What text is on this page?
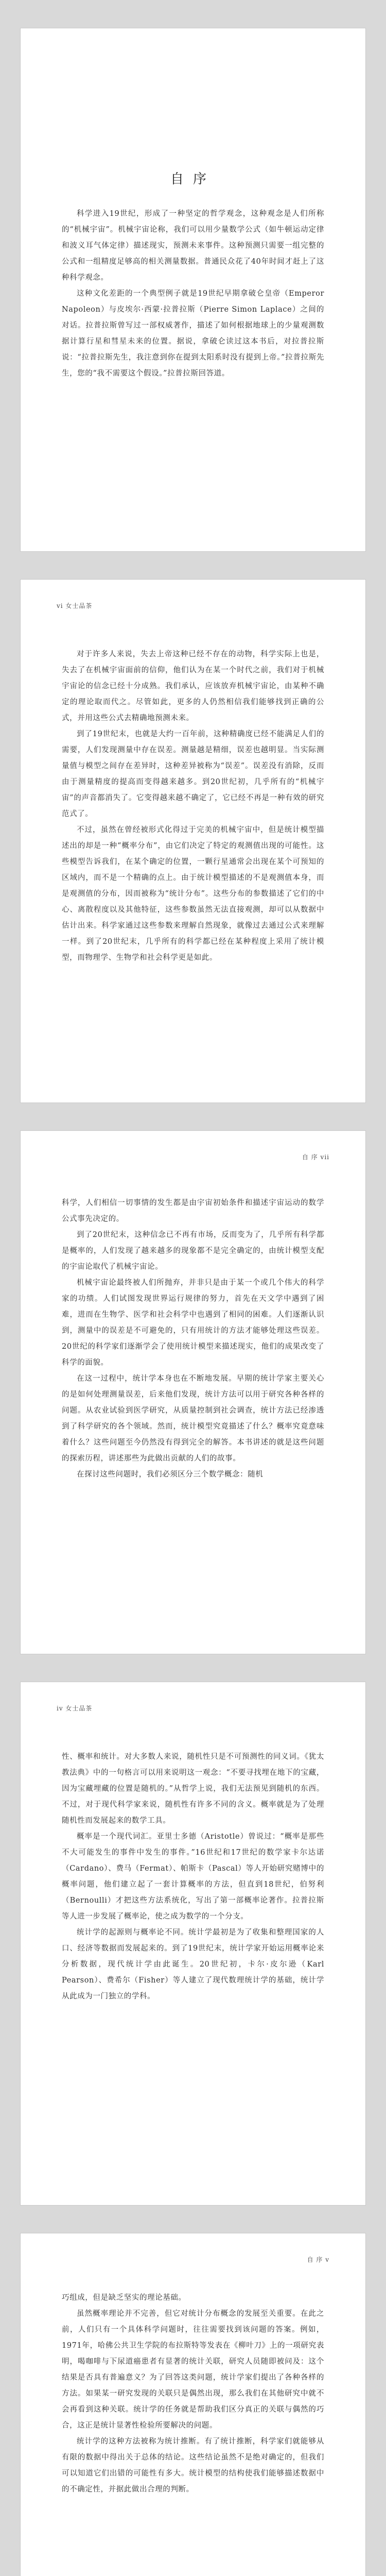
自序

科学进入19世纪，形成了一种坚定的哲学观念，这种观念是人们所称的“机械宇宙”。机械宇宙论称，我们可以用少量数学公式（如牛顿运动定律和波义耳气体定律）描述现实，预测未来事件。这种预测只需要一组完整的公式和一组精度足够高的相关测量数据。普通民众花了40年时间才赶上了这种科学观念。

这种文化差距的一个典型例子就是19世纪早期拿破仑皇帝（Emperor Napoleon）与皮埃尔·西蒙·拉普拉斯（Pierre Simon Laplace）之间的对话。拉普拉斯曾写过一部权威著作，描述了如何根据地球上的少量观测数据计算行星和彗星未来的位置。据说，拿破仑读过这本书后，对拉普拉斯说：“拉普拉斯先生，我注意到你在提到太阳系时没有提到上帝。”拉普拉斯先生，您的“我不需要这个假设。”拉普拉斯回答道。

vi 女士品茶

对于许多人来说，失去上帝这种已经不存在的动物，科学实际上也是，失去了在机械宇宙面前的信仰，他们认为在某一个时代之前，我们对于机械宇宙论的信念已经十分成熟。我们承认，应该放弃机械宇宙论，由某种不确定的理论取而代之。尽管如此，更多的人仍然相信我们能够找到正确的公式，并用这些公式去精确地预测未来。

到了19世纪末，也就是大约一百年前，这种精确度已经不能满足人们的需要，人们发现测量中存在误差。测量越是精细，误差也越明显。当实际测量值与模型之间存在差异时，这种差异被称为“误差”。误差没有消除，反而由于测量精度的提高而变得越来越多。到20世纪初，几乎所有的“机械宇宙”的声音都消失了。它变得越来越不确定了，它已经不再是一种有效的研究范式了。

不过，虽然在曾经被形式化得过于完美的机械宇宙中，但是统计模型描述出的却是一种“概率分布”，由它们决定了特定的观测值出现的可能性。这些模型告诉我们，在某个确定的位置，一颗行星通常会出现在某个可预知的区域内，而不是一个精确的点上。由于统计模型描述的不是观测值本身，而是观测值的分布，因而被称为“统计分布”。这些分布的参数描述了它们的中心、离散程度以及其他特征，这些参数虽然无法直接观测，却可以从数据中估计出来。科学家通过这些参数来理解自然现象，就像过去通过公式来理解一样。到了20世纪末，几乎所有的科学都已经在某种程度上采用了统计模型，而物理学、生物学和社会科学更是如此。

自 序 vii

科学，人们相信一切事情的发生都是由宇宙初始条件和描述宇宙运动的数学公式事先决定的。

到了20世纪末，这种信念已不再有市场，反而变为了，几乎所有科学都是概率的，人们发现了越来越多的现象都不是完全确定的，由统计模型支配的宇宙论取代了机械宇宙论。

机械宇宙论最终被人们所抛弃，并非只是由于某一个或几个伟大的科学家的功绩。人们试图发现世界运行规律的努力，首先在天文学中遇到了困难，进而在生物学、医学和社会科学中也遇到了相同的困难。人们逐渐认识到，测量中的误差是不可避免的，只有用统计的方法才能够处理这些误差。20世纪的科学家们逐渐学会了使用统计模型来描述现实，他们的成果改变了科学的面貌。

在这一过程中，统计学本身也在不断地发展。早期的统计学家主要关心的是如何处理测量误差，后来他们发现，统计方法可以用于研究各种各样的问题。从农业试验到医学研究，从质量控制到社会调查，统计方法已经渗透到了科学研究的各个领域。然而，统计模型究竟描述了什么？概率究竟意味着什么？这些问题至今仍然没有得到完全的解答。本书讲述的就是这些问题的探索历程，讲述那些为此做出贡献的人们的故事。

在探讨这些问题时，我们必须区分三个数学概念：随机

iv 女士品茶

性、概率和统计。对大多数人来说，随机性只是不可预测性的同义词。《犹太教法典》中的一句格言可以用来说明这一观念：“不要寻找埋在地下的宝藏，因为宝藏埋藏的位置是随机的。”从哲学上说，我们无法预见到随机的东西。不过，对于现代科学家来说，随机性有许多不同的含义。概率就是为了处理随机性而发展起来的数学工具。

概率是一个现代词汇。亚里士多德（Aristotle）曾说过：“概率是那些不大可能发生的事件中发生的事件。”16世纪和17世纪的数学家卡尔达诺（Cardano）、费马（Fermat）、帕斯卡（Pascal）等人开始研究赌博中的概率问题，他们建立起了一套计算概率的方法，但直到18世纪，伯努利（Bernoulli）才把这些方法系统化，写出了第一部概率论著作。拉普拉斯等人进一步发展了概率论，使之成为数学的一个分支。

统计学的起源则与概率论不同。统计学最初是为了收集和整理国家的人口、经济等数据而发展起来的。到了19世纪末，统计学家开始运用概率论来分析数据，现代统计学由此诞生。20世纪初，卡尔·皮尔逊（Karl Pearson）、费希尔（Fisher）等人建立了现代数理统计学的基础，统计学从此成为一门独立的学科。

自 序 v

巧组成，但是缺乏坚实的理论基础。

虽然概率理论并不完善，但它对统计分布概念的发展至关重要。在此之前，人们只有一个具体科学问题时，往往需要找到该问题的答案。例如，1971年，哈佛公共卫生学院的布拉斯特等发表在《柳叶刀》上的一项研究表明，喝咖啡与下尿道癌患者有显著的统计关联，研究人员随即被问及：这个结果是否具有普遍意义？为了回答这类问题，统计学家们提出了各种各样的方法。如果某一研究发现的关联只是偶然出现，那么我们在其他研究中就不会再看到这种关联。统计学的任务就是帮助我们区分真正的关联与偶然的巧合，这正是统计显著性检验所要解决的问题。

统计学的这种方法被称为统计推断。有了统计推断，科学家们就能够从有限的数据中得出关于总体的结论。这些结论虽然不是绝对确定的，但我们可以知道它们出错的可能性有多大。统计模型的结构使我们能够描述数据中的不确定性，并据此做出合理的判断。
